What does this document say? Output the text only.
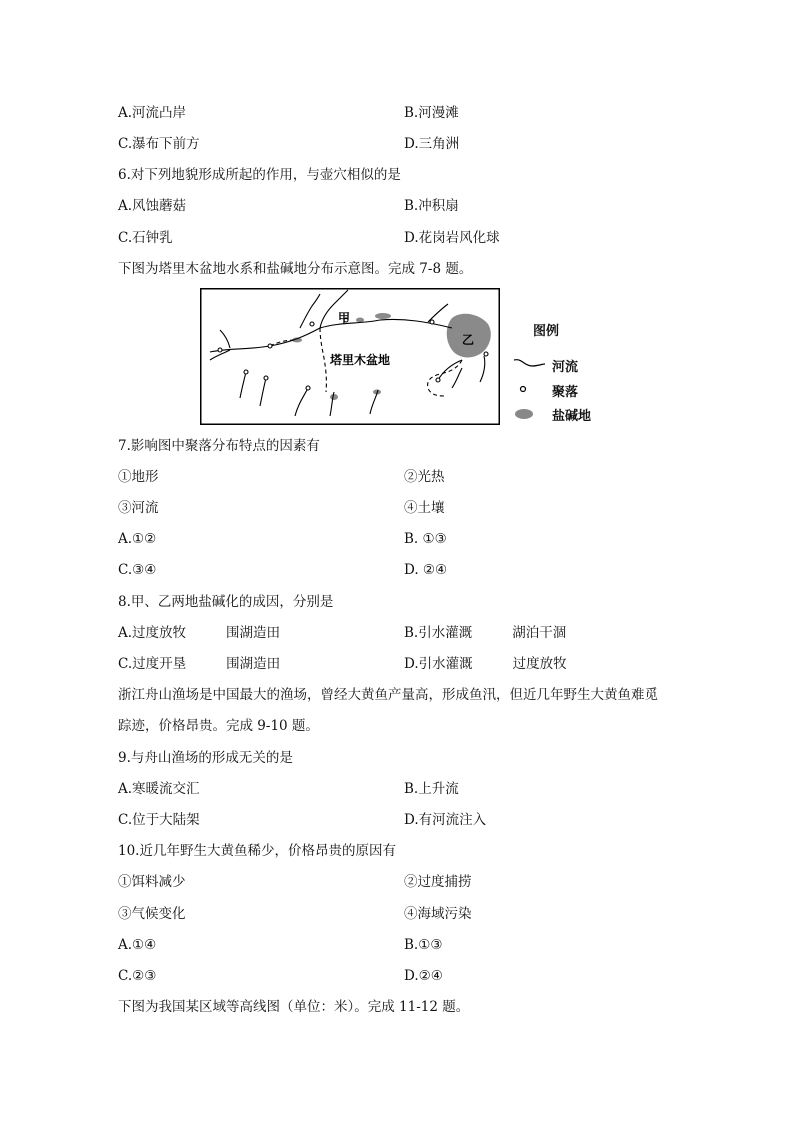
A.河流凸岸	B.河漫滩
C.瀑布下前方	D.三角洲
6.对下列地貌形成所起的作用，与壶穴相似的是
A.风蚀蘑菇	B.冲积扇
C.石钟乳	D.花岗岩风化球
下图为塔里木盆地水系和盐碱地分布示意图。完成 7-8 题。
甲
乙
塔里木盆地
图例
河流
聚落
盐碱地
7.影响图中聚落分布特点的因素有
①地形	②光热
③河流	④土壤
A.①②	B. ①③
C.③④	D. ②④
8.甲、乙两地盐碱化的成因，分别是
A.过度放牧	围湖造田	B.引水灌溉	湖泊干涸
C.过度开垦	围湖造田	D.引水灌溉	过度放牧
浙江舟山渔场是中国最大的渔场，曾经大黄鱼产量高，形成鱼汛，但近几年野生大黄鱼难觅
踪迹，价格昂贵。完成 9-10 题。
9.与舟山渔场的形成无关的是
A.寒暖流交汇	B.上升流
C.位于大陆架	D.有河流注入
10.近几年野生大黄鱼稀少，价格昂贵的原因有
①饵料减少	②过度捕捞
③气候变化	④海域污染
A.①④	B.①③
C.②③	D.②④
下图为我国某区域等高线图（单位：米）。完成 11-12 题。
